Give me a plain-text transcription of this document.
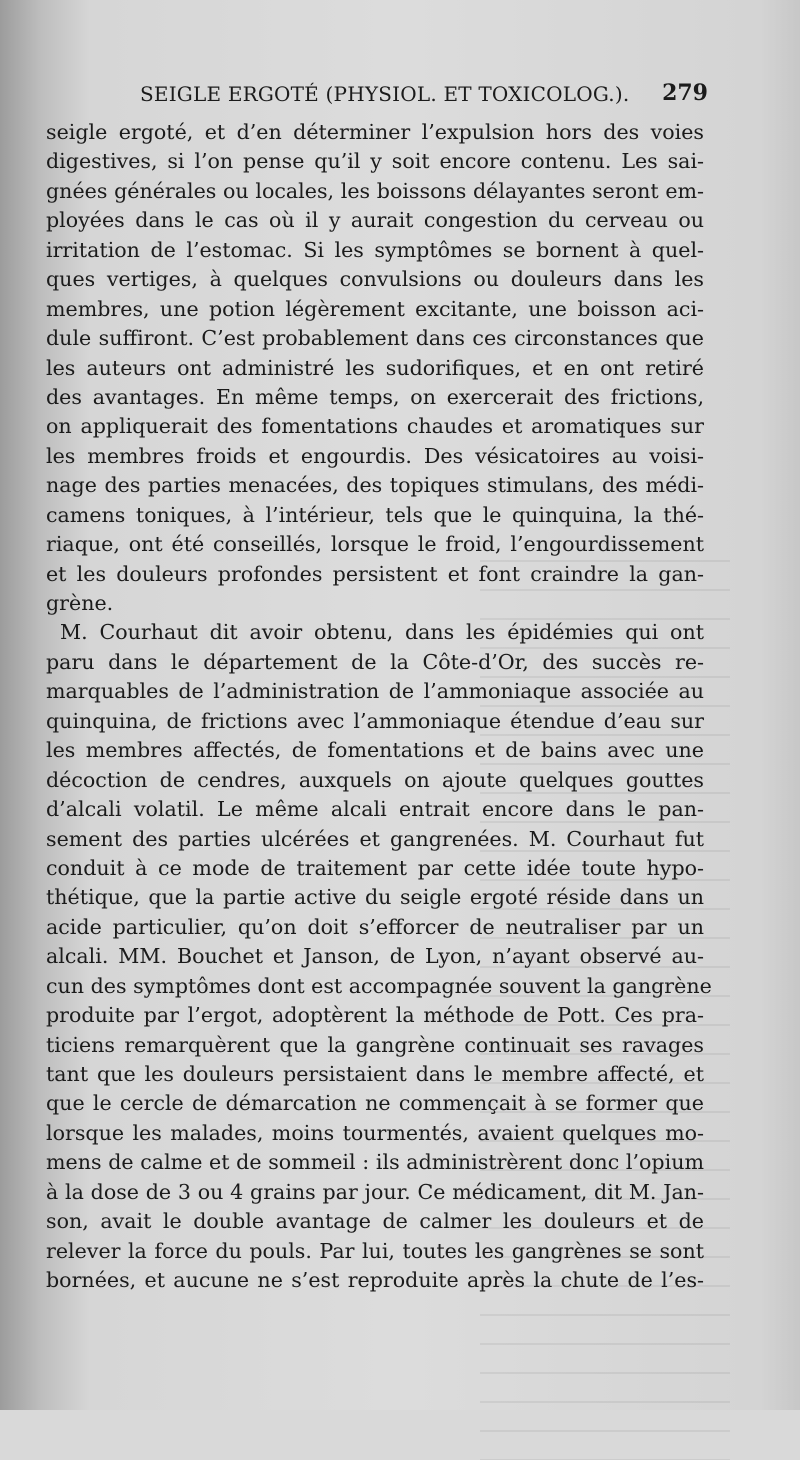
SEIGLE ERGOTÉ (PHYSIOL. ET TOXICOLOG.). 279
seigle ergoté, et d’en déterminer l’expulsion hors des voies
digestives, si l’on pense qu’il y soit encore contenu. Les sai-
gnées générales ou locales, les boissons délayantes seront em-
ployées dans le cas où il y aurait congestion du cerveau ou
irritation de l’estomac. Si les symptômes se bornent à quel-
ques vertiges, à quelques convulsions ou douleurs dans les
membres, une potion légèrement excitante, une boisson aci-
dule suffiront. C’est probablement dans ces circonstances que
les auteurs ont administré les sudorifiques, et en ont retiré
des avantages. En même temps, on exercerait des frictions,
on appliquerait des fomentations chaudes et aromatiques sur
les membres froids et engourdis. Des vésicatoires au voisi-
nage des parties menacées, des topiques stimulans, des médi-
camens toniques, à l’intérieur, tels que le quinquina, la thé-
riaque, ont été conseillés, lorsque le froid, l’engourdissement
et les douleurs profondes persistent et font craindre la gan-
grène.
M. Courhaut dit avoir obtenu, dans les épidémies qui ont
paru dans le département de la Côte-d’Or, des succès re-
marquables de l’administration de l’ammoniaque associée au
quinquina, de frictions avec l’ammoniaque étendue d’eau sur
les membres affectés, de fomentations et de bains avec une
décoction de cendres, auxquels on ajoute quelques gouttes
d’alcali volatil. Le même alcali entrait encore dans le pan-
sement des parties ulcérées et gangrenées. M. Courhaut fut
conduit à ce mode de traitement par cette idée toute hypo-
thétique, que la partie active du seigle ergoté réside dans un
acide particulier, qu’on doit s’efforcer de neutraliser par un
alcali. MM. Bouchet et Janson, de Lyon, n’ayant observé au-
cun des symptômes dont est accompagnée souvent la gangrène
produite par l’ergot, adoptèrent la méthode de Pott. Ces pra-
ticiens remarquèrent que la gangrène continuait ses ravages
tant que les douleurs persistaient dans le membre affecté, et
que le cercle de démarcation ne commençait à se former que
lorsque les malades, moins tourmentés, avaient quelques mo-
mens de calme et de sommeil : ils administrèrent donc l’opium
à la dose de 3 ou 4 grains par jour. Ce médicament, dit M. Jan-
son, avait le double avantage de calmer les douleurs et de
relever la force du pouls. Par lui, toutes les gangrènes se sont
bornées, et aucune ne s’est reproduite après la chute de l’es-
